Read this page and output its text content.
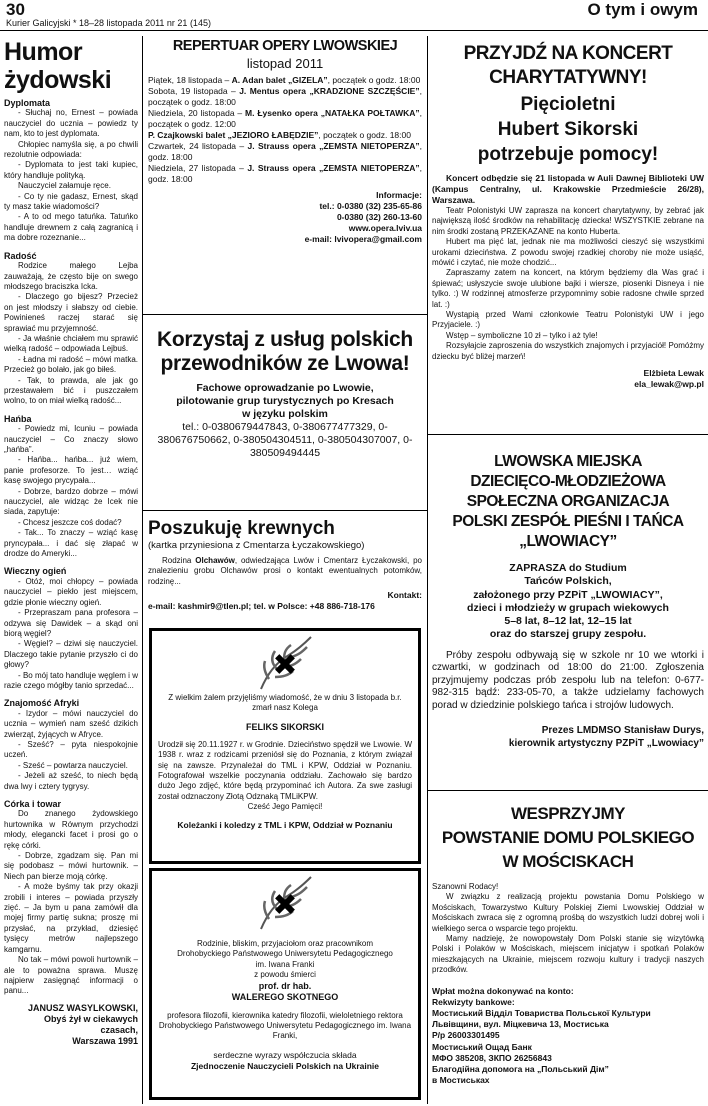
30
Kurier Galicyjski * 18–28 listopada 2011 nr 21 (145)
O tym i owym
Humor
żydowski
Dyplomata

- Słuchaj no, Ernest – powiada nauczyciel do ucznia – powiedz ty nam, kto to jest dyplomata.

Chłopiec namyśla się, a po chwili rezolutnie odpowiada:

- Dyplomata to jest taki kupiec, który handluje polityką.

Nauczyciel załamuje ręce.

- Co ty nie gadasz, Ernest, skąd ty masz takie wiadomości?

- A to od mego tatuńka. Tatuńko handluje drewnem z całą zagranicą i ma dobre rozeznanie...

Radość

Rodzice małego Lejba zauważają, że często bije on swego młodszego braciszka Icka.

- Dlaczego go bijesz? Przecież on jest młodszy i słabszy od ciebie. Powinieneś raczej starać się sprawiać mu przyjemność.

- Ja właśnie chciałem mu sprawić wielką radość – odpowiada Lejbuś.

- Ładna mi radość – mówi matka. Przecież go bolało, jak go biłeś.

- Tak, to prawda, ale jak go przestawałem bić i puszczałem wolno, to on miał wielką radość...

Hańba

- Powiedz mi, Icuniu – powiada nauczyciel – Co znaczy słowo „hańba”.

- Hańba... hańba... już wiem, panie profesorze. To jest… wziąć kasę swojego prycypała...

- Dobrze, bardzo dobrze – mówi nauczyciel, ale widząc że Icek nie siada, zapytuje:

- Chcesz jeszcze coś dodać?

- Tak... To znaczy – wziąć kasę pryncypała... i dać się złapać w drodze do Ameryki...

Wieczny ogień

- Otóż, moi chłopcy – powiada nauczyciel – piekło jest miejscem, gdzie płonie wieczny ogień.

- Przepraszam pana profesora – odzywa się Dawidek – a skąd oni biorą węgiel?

- Węgiel? – dziwi się nauczyciel. Dlaczego takie pytanie przyszło ci do głowy?

- Bo mój tato handluje węglem i w razie czego mógłby tanio sprzedać...

Znajomość Afryki

- Izydor – mówi nauczyciel do ucznia – wymień nam sześć dzikich zwierząt, żyjących w Afryce.

- Sześć? – pyta niespokojnie uczeń.

- Sześć – powtarza nauczyciel.

- Jeżeli aż sześć, to niech będą dwa lwy i cztery tygrysy.

Córka i towar

Do znanego żydowskiego hurtownika w Równym przychodzi młody, elegancki facet i prosi go o rękę córki.

- Dobrze, zgadzam się. Pan mi się podobasz – mówi hurtownik. – Niech pan bierze moją córkę.

- A może byśmy tak przy okazji zrobili i interes – powiada przyszły zięć. – Ja bym u pana zamówił dla mojej firmy partię sukna; proszę mi przysłać, na przykład, dziesięć tysięcy metrów najlepszego kamgarnu.

No tak – mówi powoli hurtownik – ale to poważna sprawa. Muszę najpierw zasięgnąć informacji o panu...

JANUSZ WASYLKOWSKI,
Obyś żył w ciekawych
czasach,
Warszawa 1991
REPERTUAR OPERY LWOWSKIEJ
listopad 2011

Piątek, 18 listopada – A. Adan balet „GIZELA”, początek o godz. 18:00

Sobota, 19 listopada – J. Mentus opera „KRADZIONE SZCZĘŚCIE”, początek o godz. 18:00

Niedziela, 20 listopada – M. Łysenko opera „NATAŁKA POŁTAWKA”, początek o godz. 12:00

P. Czajkowski balet „JEZIORO ŁABĘDZIE”, początek o godz. 18:00

Czwartek, 24 listopada – J. Strauss opera „ZEMSTA NIETOPERZA”, godz. 18:00

Niedziela, 27 listopada – J. Strauss opera „ZEMSTA NIETOPERZA”, godz. 18:00

Informacje:
tel.: 0-0380 (32) 235-65-86
0-0380 (32) 260-13-60
www.opera.lviv.ua
e-mail: lvivopera@gmail.com
Korzystaj z usług polskich przewodników ze Lwowa!
Fachowe oprowadzanie po Lwowie,
pilotowanie grup turystycznych po Kresach
w języku polskim
tel.: 0-0380679447843, 0-380677477329, 0-380676750662, 0-380504304511, 0-380504307007, 0-380509494445
Poszukuję krewnych
(kartka przyniesiona z Cmentarza Łyczakowskiego)

Rodzina Olchawów, odwiedzająca Lwów i Cmentarz Łyczakowski, po znalezieniu grobu Olchawów prosi o kontakt ewentualnych potomków, rodzinę...

Kontakt:
e-mail: kashmir9@tlen.pl; tel. w Polsce: +48 886-718-176
Z wielkim żalem przyjęliśmy wiadomość, że w dniu 3 listopada b.r. zmarł nasz Kolega
FELIKS SIKORSKI
Urodził się 20.11.1927 r. w Grodnie. Dzieciństwo spędził we Lwowie. W 1938 r. wraz z rodzicami przeniósł się do Poznania, z którym związał się na zawsze. Przynależał do TML i KPW, Oddział w Poznaniu. Fotografował wszelkie poczynania oddziału. Zachowało się bardzo dużo Jego zdjęć, które będą przypominać ich Autora. Za swe zasługi został odznaczony Złotą Odznaką TMLiKPW.
Cześć Jego Pamięci!
Koleżanki i koledzy z TML i KPW, Oddział w Poznaniu
Rodzinie, bliskim, przyjaciołom oraz pracownikom
Drohobyckiego Państwowego Uniwersytetu Pedagogicznego
im. Iwana Franki
z powodu śmierci
prof. dr hab.
WALEREGO SKOTNEGO
profesora filozofii, kierownika katedry filozofii, wieloletniego rektora Drohobyckiego Państwowego Uniwersytetu Pedagogicznego im. Iwana Franki,
serdeczne wyrazy współczucia składa
Zjednoczenie Nauczycieli Polskich na Ukrainie
PRZYJDŹ NA KONCERT
CHARYTATYWNY!
Pięcioletni
Hubert Sikorski
potrzebuje pomocy!

Koncert odbędzie się 21 listopada w Auli Dawnej Biblioteki UW (Kampus Centralny, ul. Krakowskie Przedmieście 26/28), Warszawa.

Teatr Polonistyki UW zaprasza na koncert charytatywny, by zebrać jak największą ilość środków na rehabilitację dziecka! WSZYSTKIE zebrane na nim środki zostaną PRZEKAZANE na konto Huberta.

Hubert ma pięć lat, jednak nie ma możliwości cieszyć się wszystkimi urokami dzieciństwa. Z powodu swojej rzadkiej choroby nie może usiąść, mówić i czytać, nie może chodzić...

Zapraszamy zatem na koncert, na którym będziemy dla Was grać i śpiewać; usłyszycie swoje ulubione bajki i wiersze, piosenki Disneya i nie tylko. :) W rodzinnej atmosferze przypomnimy sobie radosne chwile sprzed lat. :)

Wystąpią przed Wami członkowie Teatru Polonistyki UW i jego Przyjaciele. :)

Wstęp – symboliczne 10 zł – tylko i aż tyle!

Rozsyłajcie zaproszenia do wszystkich znajomych i przyjaciół! Pomóżmy dziecku być bliżej marzeń!

Elżbieta Lewak
ela_lewak@wp.pl
LWOWSKA MIEJSKA
DZIECIĘCO-MŁODZIEŻOWA
SPOŁECZNA ORGANIZACJA
POLSKI ZESPÓŁ PIEŚNI I TAŃCA
„LWOWIACY”
ZAPRASZA do Studium
Tańców Polskich,
założonego przy PZPiT „LWOWIACY”,
dzieci i młodzieży w grupach wiekowych
5–8 lat, 8–12 lat, 12–15 lat
oraz do starszej grupy zespołu.

Próby zespołu odbywają się w szkole nr 10 we wtorki i czwartki, w godzinach od 18:00 do 21:00. Zgłoszenia przyjmujemy podczas prób zespołu lub na telefon: 0-677-982-315 bądź: 233-05-70, a także udzielamy fachowych porad w dziedzinie polskiego tańca i strojów ludowych.

Prezes LMDMSO Stanisław Durys,
kierownik artystyczny PZPiT „Lwowiacy”
WESPRZYJMY
POWSTANIE DOMU POLSKIEGO
W MOŚCISKACH
Szanowni Rodacy!

W związku z realizacją projektu powstania Domu Polskiego w Mościskach, Towarzystwo Kultury Polskiej Ziemi Lwowskiej Oddział w Mościskach zwraca się z ogromną prośbą do wszystkich ludzi dobrej woli i wielkiego serca o wsparcie tego projektu.

Mamy nadzieję, że nowopowstały Dom Polski stanie się wizytówką Polski i Polaków w Mościskach, miejscem inicjatyw i spotkań Polaków mieszkających na Ukrainie, miejscem rozwoju kultury i tradycji naszych przodków.

Wpłat można dokonywać na konto:
Rekwizyty bankowe:
Мостиський Відділ Товариства Польської Культури
Львівщини, вул. Міцкевича 13, Мостиська
Р/р 26003301495
Мостиський Ощад Банк
МФО 385208, ЗКПО 26256843
Благодійна допомога на „Польський Дім”
в Мостиськах
